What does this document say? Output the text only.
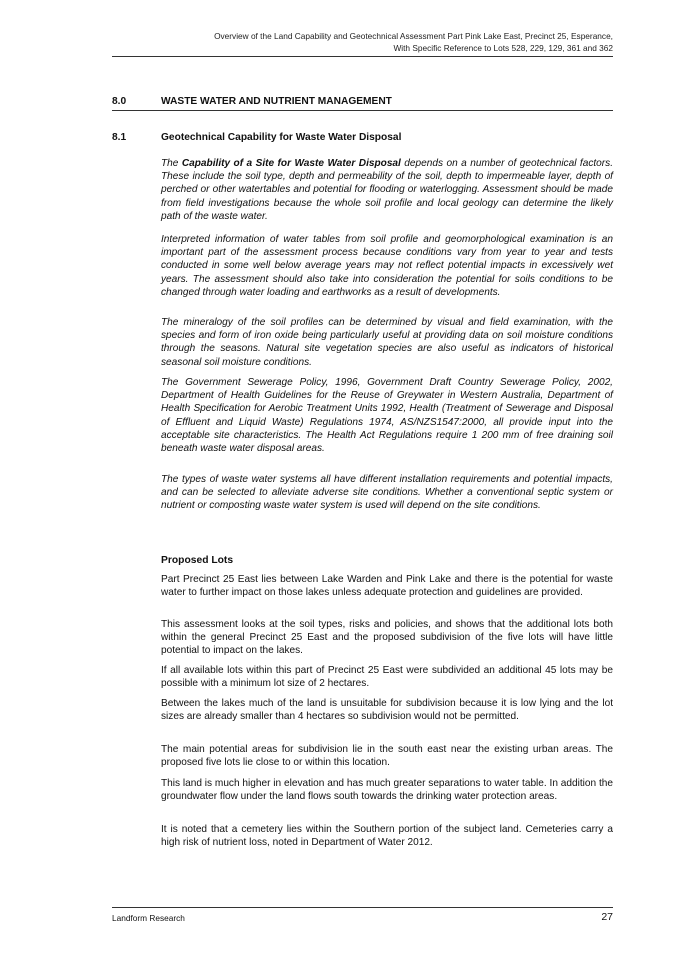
Overview of the Land Capability and Geotechnical Assessment Part Pink Lake East, Precinct 25, Esperance,
With Specific Reference to Lots 528, 229, 129, 361 and 362
8.0	WASTE WATER AND NUTRIENT MANAGEMENT
8.1	Geotechnical Capability for Waste Water Disposal

The Capability of a Site for Waste Water Disposal depends on a number of geotechnical factors. These include the soil type, depth and permeability of the soil, depth to impermeable layer, depth of perched or other watertables and potential for flooding or waterlogging. Assessment should be made from field investigations because the whole soil profile and local geology can determine the likely path of the waste water.

Interpreted information of water tables from soil profile and geomorphological examination is an important part of the assessment process because conditions vary from year to year and tests conducted in some well below average years may not reflect potential impacts in excessively wet years. The assessment should also take into consideration the potential for soils conditions to be changed through water loading and earthworks as a result of developments.

The mineralogy of the soil profiles can be determined by visual and field examination, with the species and form of iron oxide being particularly useful at providing data on soil moisture conditions through the seasons. Natural site vegetation species are also useful as indicators of historical seasonal soil moisture conditions.

The Government Sewerage Policy, 1996, Government Draft Country Sewerage Policy, 2002, Department of Health Guidelines for the Reuse of Greywater in Western Australia, Department of Health Specification for Aerobic Treatment Units 1992, Health (Treatment of Sewerage and Disposal of Effluent and Liquid Waste) Regulations 1974, AS/NZS1547:2000, all provide input into the acceptable site characteristics. The Health Act Regulations require 1 200 mm of free draining soil beneath waste water disposal areas.

The types of waste water systems all have different installation requirements and potential impacts, and can be selected to alleviate adverse site conditions. Whether a conventional septic system or nutrient or composting waste water system is used will depend on the site conditions.

Proposed Lots

Part Precinct 25 East lies between Lake Warden and Pink Lake and there is the potential for waste water to further impact on those lakes unless adequate protection and guidelines are provided.

This assessment looks at the soil types, risks and policies, and shows that the additional lots both within the general Precinct 25 East and the proposed subdivision of the five lots will have little potential to impact on the lakes.

If all available lots within this part of Precinct 25 East were subdivided an additional 45 lots may be possible with a minimum lot size of 2 hectares.

Between the lakes much of the land is unsuitable for subdivision because it is low lying and the lot sizes are already smaller than 4 hectares so subdivision would not be permitted.

The main potential areas for subdivision lie in the south east near the existing urban areas. The proposed five lots lie close to or within this location.

This land is much higher in elevation and has much greater separations to water table. In addition the groundwater flow under the land flows south towards the drinking water protection areas.

It is noted that a cemetery lies within the Southern portion of the subject land. Cemeteries carry a high risk of nutrient loss, noted in Department of Water 2012.

Landform Research	27
